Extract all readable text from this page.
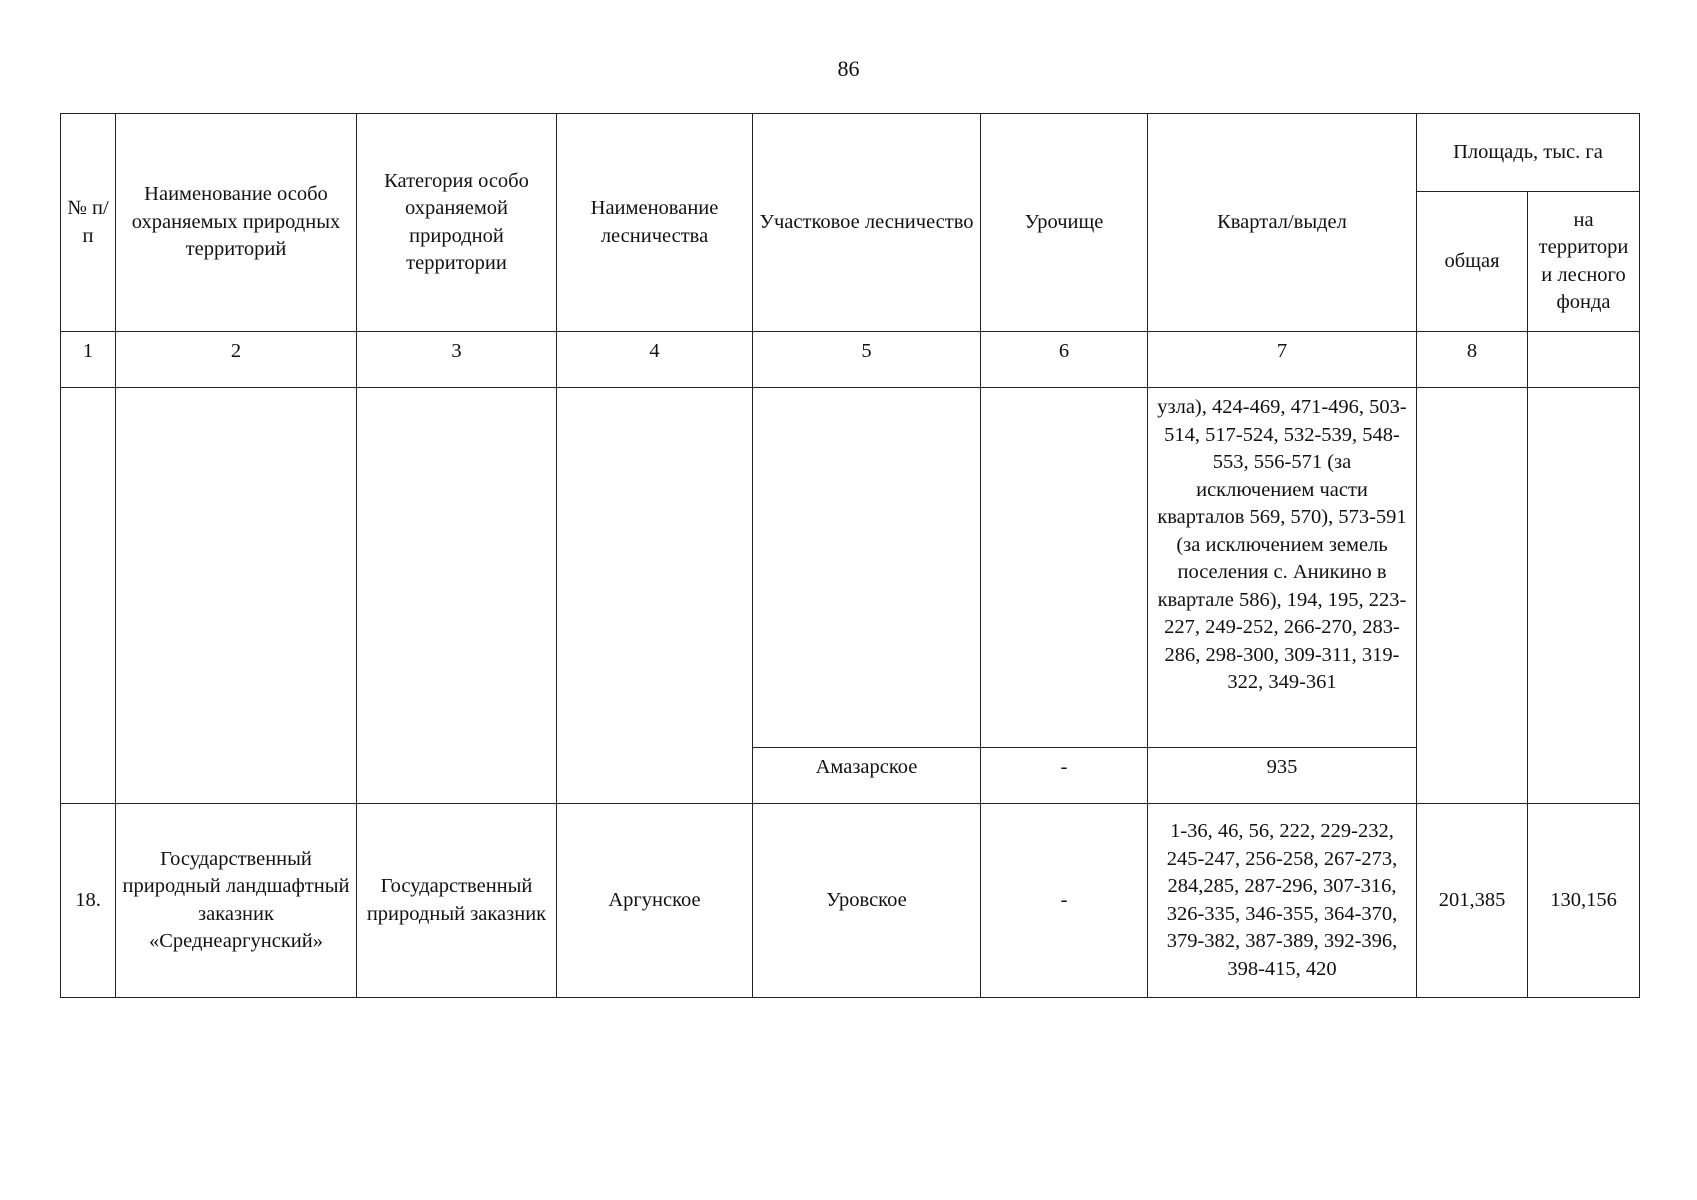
86
№ п/п	Наименование особо охраняемых природных территорий	Категория особо охраняемой природной территории	Наименование лесничества	Участковое лесничество	Урочище	Квартал/выдел	Площадь, тыс. га	
							общая	на территори и лесного фонда
1	2	3	4	5	6	7	8	
						узла), 424-469, 471-496, 503-514, 517-524, 532-539, 548-553, 556-571 (за исключением части кварталов 569, 570), 573-591 (за исключением земель поселения с. Аникино в квартале 586), 194, 195, 223-227, 249-252, 266-270, 283-286, 298-300, 309-311, 319-322, 349-361		
				Амазарское	-	935		
18.	Государственный природный ландшафтный заказник «Среднеаргунский»	Государственный природный заказник	Аргунское	Уровское	-	1-36, 46, 56, 222, 229-232, 245-247, 256-258, 267-273, 284,285, 287-296, 307-316, 326-335, 346-355, 364-370, 379-382, 387-389, 392-396, 398-415, 420	201,385	130,156
